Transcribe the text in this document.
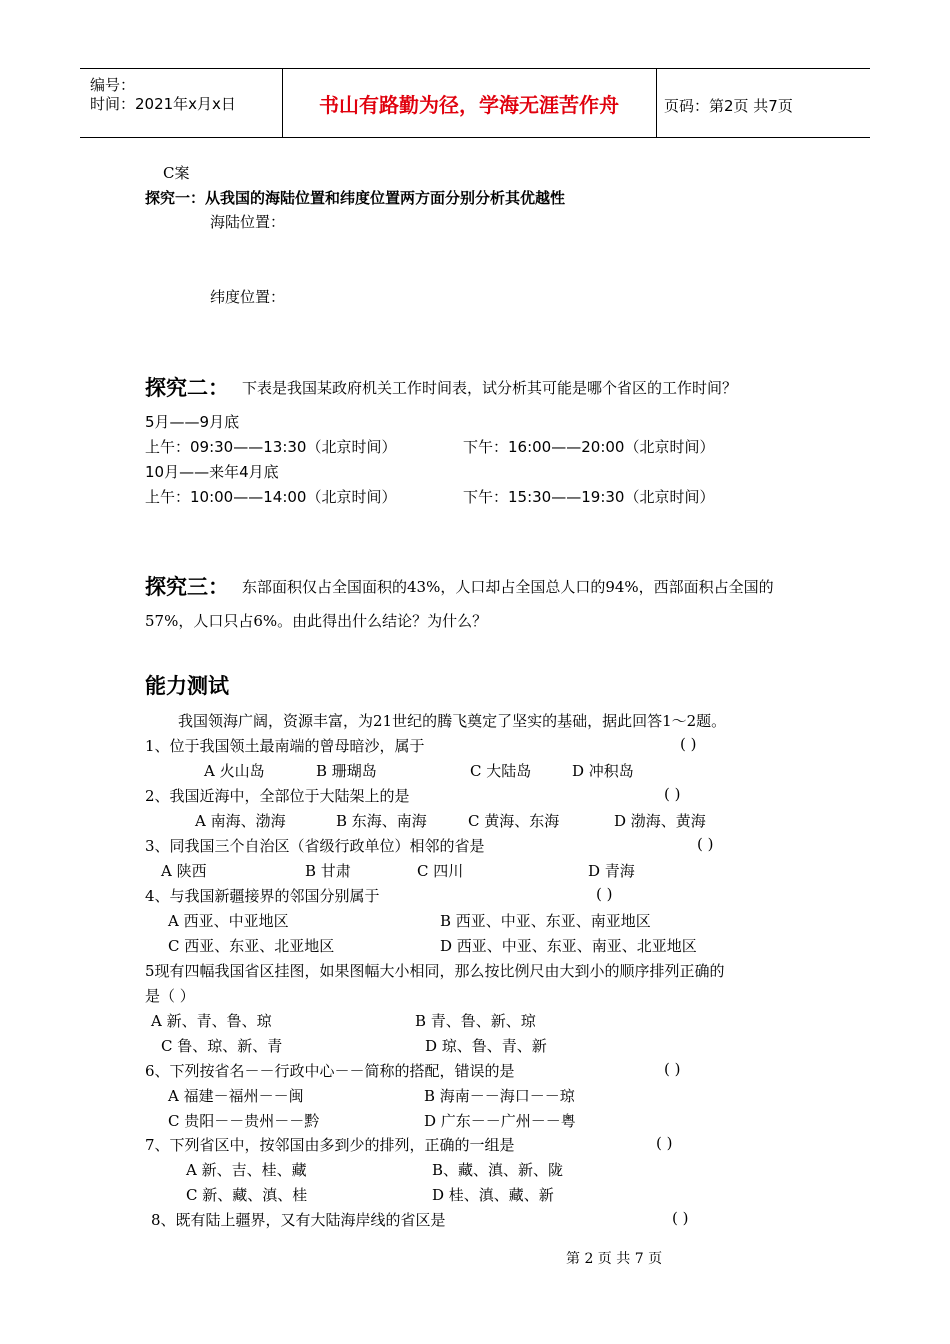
编号：
时间：2021年x月x日	书山有路勤为径，学海无涯苦作舟	页码：第2页 共7页
C案
探究一：从我国的海陆位置和纬度位置两方面分别分析其优越性
海陆位置：
纬度位置：
探究二： 下表是我国某政府机关工作时间表，试分析其可能是哪个省区的工作时间？
5月——9月底
上午：09:30——13:30（北京时间）	下午：16:00——20:00（北京时间）
10月——来年4月底
上午：10:00——14:00（北京时间）	下午：15:30——19:30（北京时间）
探究三： 东部面积仅占全国面积的43%，人口却占全国总人口的94%，西部面积占全国的
57%，人口只占6%。由此得出什么结论？为什么？
能力测试
我国领海广阔，资源丰富，为21世纪的腾飞奠定了坚实的基础，据此回答1～2题。
1、位于我国领土最南端的曾母暗沙，属于	( )
A 火山岛	B 珊瑚岛	C 大陆岛	D 冲积岛
2、我国近海中，全部位于大陆架上的是	( )
A 南海、渤海	B 东海、南海	C 黄海、东海	D 渤海、黄海
3、同我国三个自治区（省级行政单位）相邻的省是	( )
A 陕西	B 甘肃	C 四川	D 青海
4、与我国新疆接界的邻国分别属于	( )
A 西亚、中亚地区	B 西亚、中亚、东亚、南亚地区
C 西亚、东亚、北亚地区	D 西亚、中亚、东亚、南亚、北亚地区
5现有四幅我国省区挂图，如果图幅大小相同，那么按比例尺由大到小的顺序排列正确的
是（ ）
A 新、青、鲁、琼	B 青、鲁、新、琼
C 鲁、琼、新、青	D 琼、鲁、青、新
6、下列按省名－－行政中心－－简称的搭配，错误的是	( )
A 福建－福州－－闽	B 海南－－海口－－琼
C 贵阳－－贵州－－黔	D 广东－－广州－－粤
7、下列省区中，按邻国由多到少的排列，正确的一组是	( )
A 新、吉、桂、藏	B、藏、滇、新、陇
C 新、藏、滇、桂	D 桂、滇、藏、新
8、既有陆上疆界，又有大陆海岸线的省区是	( )
第 2 页 共 7 页
